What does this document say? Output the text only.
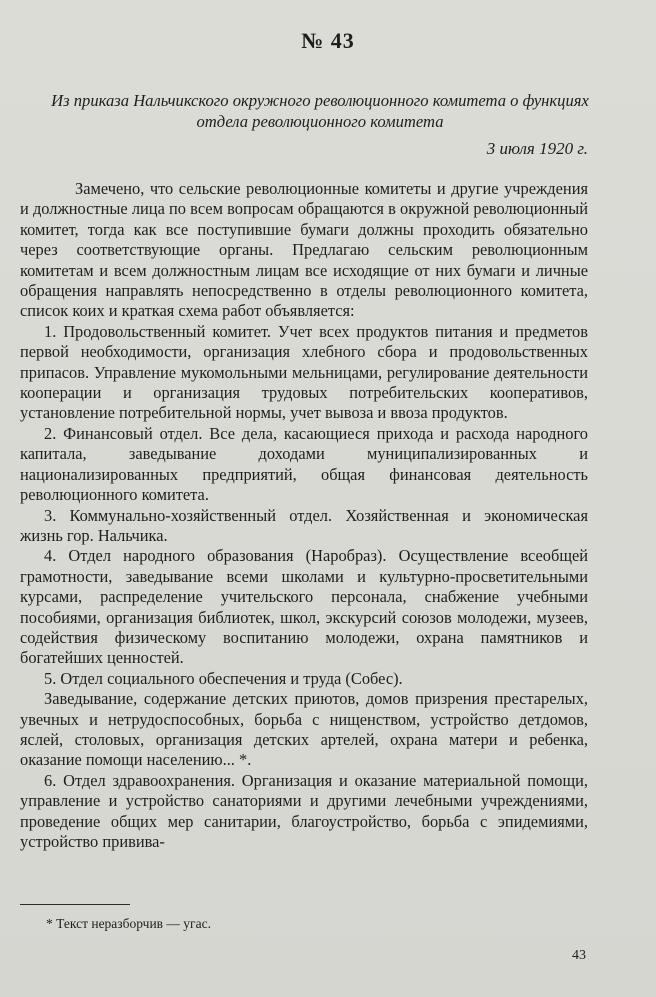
№ 43
Из приказа Нальчикского окружного революционного комитета о функциях отдела революционного комитета
3 июля 1920 г.

Замечено, что сельские революционные комитеты и другие учреждения и должностные лица по всем вопросам обращаются в окружной революционный комитет, тогда как все поступившие бумаги должны проходить обязательно через соответствующие органы. Предлагаю сельским революционным комитетам и всем должностным лицам все исходящие от них бумаги и личные обращения направлять непосредственно в отделы революционного комитета, список коих и краткая схема работ объявляется:

1. Продовольственный комитет. Учет всех продуктов питания и предметов первой необходимости, организация хлебного сбора и продовольственных припасов. Управление мукомольными мельницами, регулирование деятельности кооперации и организация трудовых потребительских кооперативов, установление потребительной нормы, учет вывоза и ввоза продуктов.

2. Финансовый отдел. Все дела, касающиеся прихода и расхода народного капитала, заведывание доходами муниципализированных и национализированных предприятий, общая финансовая деятельность революционного комитета.

3. Коммунально-хозяйственный отдел. Хозяйственная и экономическая жизнь гор. Нальчика.

4. Отдел народного образования (Наробраз). Осуществление всеобщей грамотности, заведывание всеми школами и культурно-просветительными курсами, распределение учительского персонала, снабжение учебными пособиями, организация библиотек, школ, экскурсий союзов молодежи, музеев, содействия физическому воспитанию молодежи, охрана памятников и богатейших ценностей.

5. Отдел социального обеспечения и труда (Собес).

Заведывание, содержание детских приютов, домов призрения престарелых, увечных и нетрудоспособных, борьба с нищенством, устройство детдомов, яслей, столовых, организация детских артелей, охрана матери и ребенка, оказание помощи населению... *.

6. Отдел здравоохранения. Организация и оказание материальной помощи, управление и устройство санаториями и другими лечебными учреждениями, проведение общих мер санитарии, благоустройство, борьба с эпидемиями, устройство привива-

* Текст неразборчив — угас.
43
